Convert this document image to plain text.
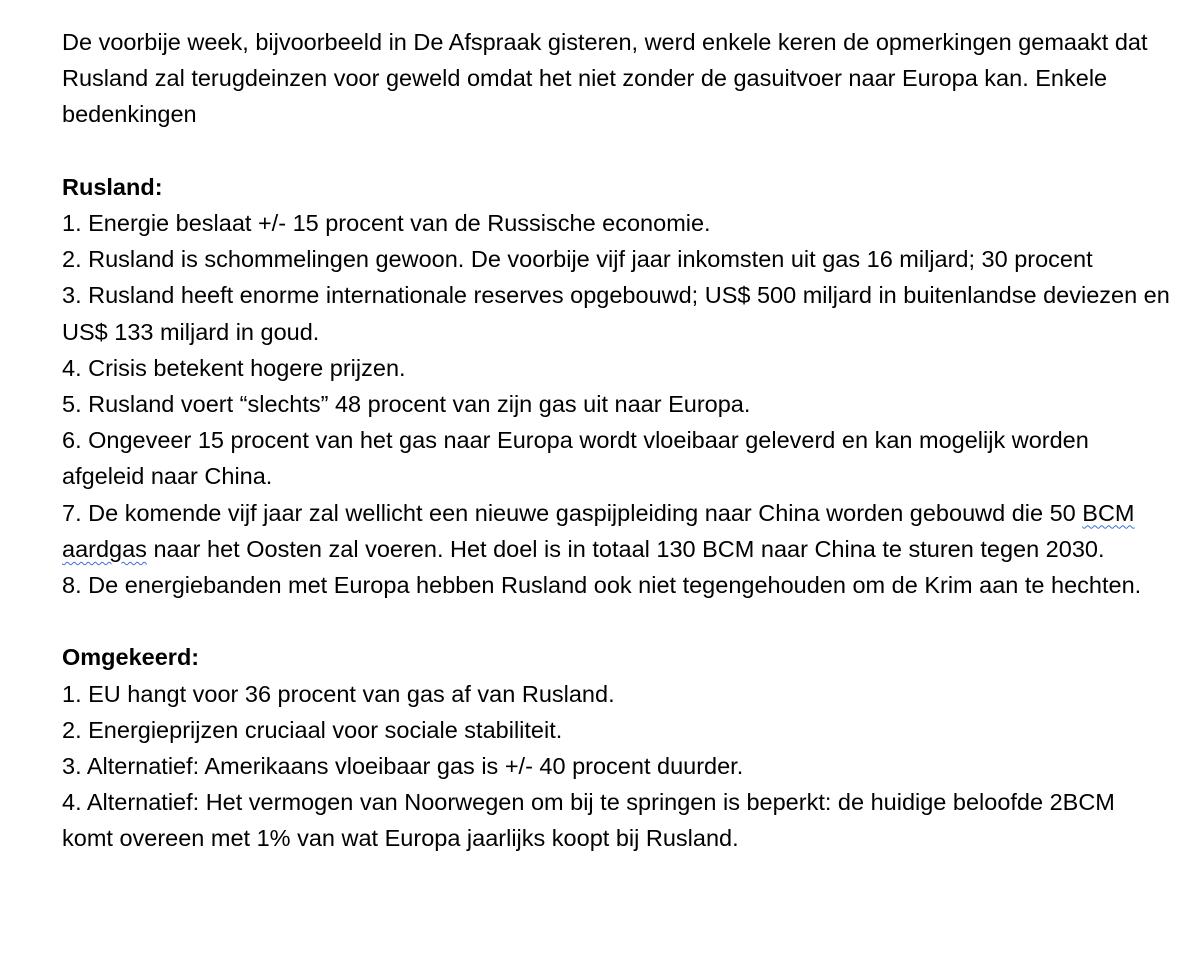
De voorbije week, bijvoorbeeld in De Afspraak gisteren, werd enkele keren de opmerkingen gemaakt dat Rusland zal terugdeinzen voor geweld omdat het niet zonder de gasuitvoer naar Europa kan. Enkele bedenkingen

Rusland:

1. Energie beslaat +/- 15 procent van de Russische economie.
2. Rusland is schommelingen gewoon. De voorbije vijf jaar inkomsten uit gas 16 miljard; 30 procent
3. Rusland heeft enorme internationale reserves opgebouwd; US$ 500 miljard in buitenlandse deviezen en US$ 133 miljard in goud.
4. Crisis betekent hogere prijzen.
5. Rusland voert “slechts” 48 procent van zijn gas uit naar Europa.
6. Ongeveer 15 procent van het gas naar Europa wordt vloeibaar geleverd en kan mogelijk worden afgeleid naar China.
7. De komende vijf jaar zal wellicht een nieuwe gaspijpleiding naar China worden gebouwd die 50 BCM aardgas naar het Oosten zal voeren. Het doel is in totaal 130 BCM naar China te sturen tegen 2030.
8. De energiebanden met Europa hebben Rusland ook niet tegengehouden om de Krim aan te hechten.

Omgekeerd:

1. EU hangt voor 36 procent van gas af van Rusland.
2. Energieprijzen cruciaal voor sociale stabiliteit.
3. Alternatief: Amerikaans vloeibaar gas is +/- 40 procent duurder.
4. Alternatief: Het vermogen van Noorwegen om bij te springen is beperkt: de huidige beloofde 2BCM komt overeen met 1% van wat Europa jaarlijks koopt bij Rusland.
